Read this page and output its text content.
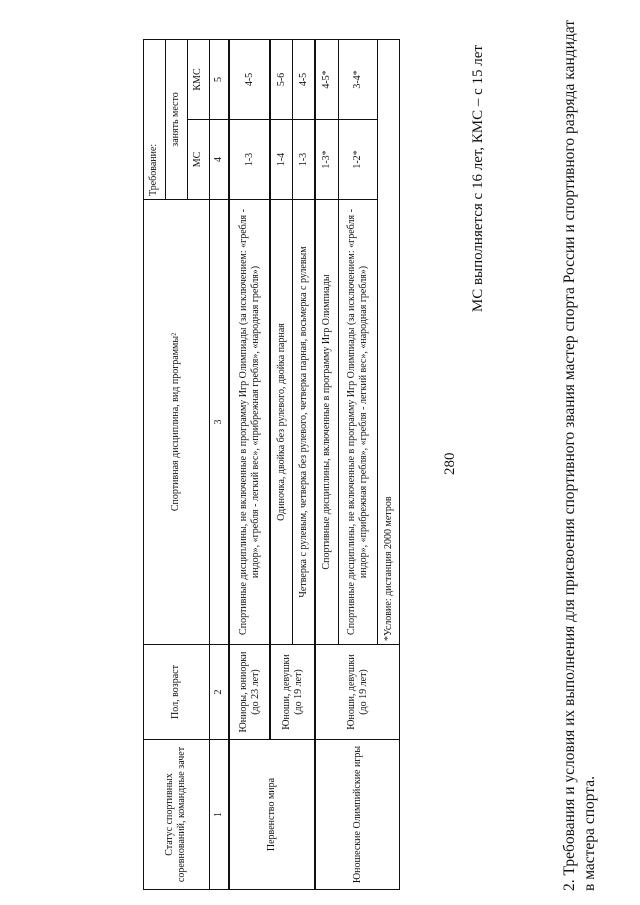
280	2. Требования и условия их выполнения для присвоения спортивного звания мастер спорта России и спортивного разряда кандидат в мастера спорта.
МС выполняется с 16 лет, КМС – с 15 лет
Статус спортивных соревнований, командные зачет	Пол, возраст	Спортивная дисциплина, вид программы²	Требование:	
			занять место	
			МС	КМС
1	2	3	4	5
Первенство мира	Юниоры, юниорки (до 23 лет)	Спортивные дисциплины, не включенные в программу Игр Олимпиады (за исключением: «гребля - индор», «гребля - легкий вес», «прибрежная гребля», «народная гребля»)	1-3	4-5
	Юноши, девушки (до 19 лет)	Одиночка, двойка без рулевого, двойка парная	1-4	5-6
		Четверка с рулевым, четверка без рулевого, четверка парная, восьмерка с рулевым	1-3	4-5
Юношеские Олимпийские игры	Юноши, девушки (до 19 лет)	Спортивные дисциплины, включенные в программу Игр Олимпиады	1-3*	4-5*
		Спортивные дисциплины, не включенные в программу Игр Олимпиады (за исключением: «гребля - индор», «прибрежная гребля», «гребля - легкий вес», «народная гребля»)	1-2*	3-4*
		*Условие: дистанция 2000 метров		
